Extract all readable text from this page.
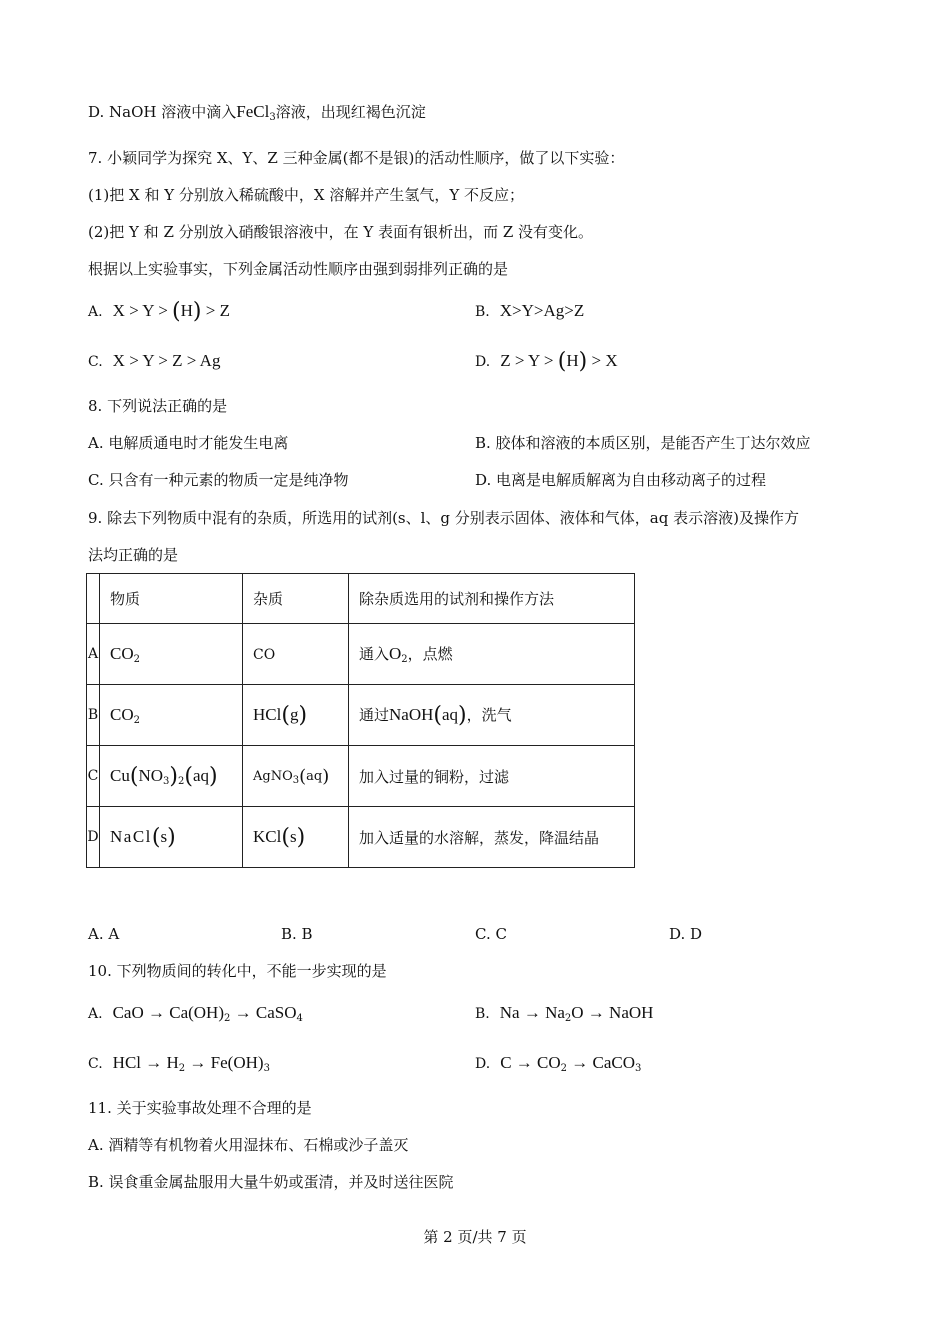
D. NaOH 溶液中滴入FeCl$_3$溶液，出现红褐色沉淀
7. 小颖同学为探究 X、Y、Z 三种金属(都不是银)的活动性顺序，做了以下实验：
(1)把 X 和 Y 分别放入稀硫酸中，X 溶解并产生氢气，Y 不反应；
(2)把 Y 和 Z 分别放入硝酸银溶液中，在 Y 表面有银析出，而 Z 没有变化。
根据以上实验事实，下列金属活动性顺序由强到弱排列正确的是
A. X > Y > (H) > Z	B. X>Y>Ag>Z
C. X > Y > Z > Ag	D. Z > Y > (H) > X
8. 下列说法正确的是
A. 电解质通电时才能发生电离	B. 胶体和溶液的本质区别，是能否产生丁达尔效应
C. 只含有一种元素的物质一定是纯净物	D. 电离是电解质解离为自由移动离子的过程
9. 除去下列物质中混有的杂质，所选用的试剂(s、l、g 分别表示固体、液体和气体，aq 表示溶液)及操作方
法均正确的是
	物质	杂质	除杂质选用的试剂和操作方法
A	$CO_2$	CO	通入$O_2$，点燃
B	$CO_2$	HCl(g)	通过NaOH(aq)，洗气
C	$Cu(NO_3)_2(aq)$	AgNO$_3$(aq)	加入过量的铜粉，过滤
D	NaCl(s)	KCl(s)	加入适量的水溶解，蒸发，降温结晶
A. A	B. B	C. C	D. D
10. 下列物质间的转化中，不能一步实现的是
A. CaO → $Ca(OH)_2$ → CaSO$_4$	B. $Na \to Na_2O$ → NaOH
C. HCl → $H_2 \to Fe(OH)_3$	D. $C \to CO_2$ → CaCO$_3$
11. 关于实验事故处理不合理的是
A. 酒精等有机物着火用湿抹布、石棉或沙子盖灭
B. 误食重金属盐服用大量牛奶或蛋清，并及时送往医院
第 2 页/共 7 页
